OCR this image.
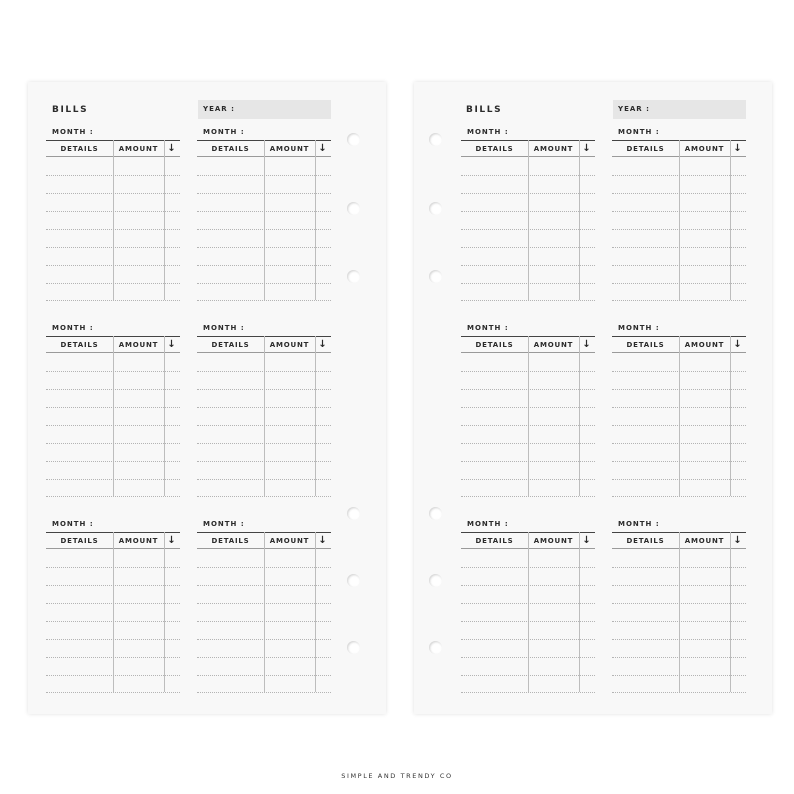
BILLS	YEAR :
MONTH :
DETAILS	AMOUNT ↓
MONTH :
DETAILS	AMOUNT ↓
MONTH :
DETAILS	AMOUNT ↓
MONTH :
DETAILS	AMOUNT ↓
MONTH :
DETAILS	AMOUNT ↓
MONTH :
DETAILS	AMOUNT ↓
BILLS	YEAR :
MONTH :
DETAILS	AMOUNT ↓
MONTH :
DETAILS	AMOUNT ↓
MONTH :
DETAILS	AMOUNT ↓
MONTH :
DETAILS	AMOUNT ↓
MONTH :
DETAILS	AMOUNT ↓
MONTH :
DETAILS	AMOUNT ↓
SIMPLE AND TRENDY CO
